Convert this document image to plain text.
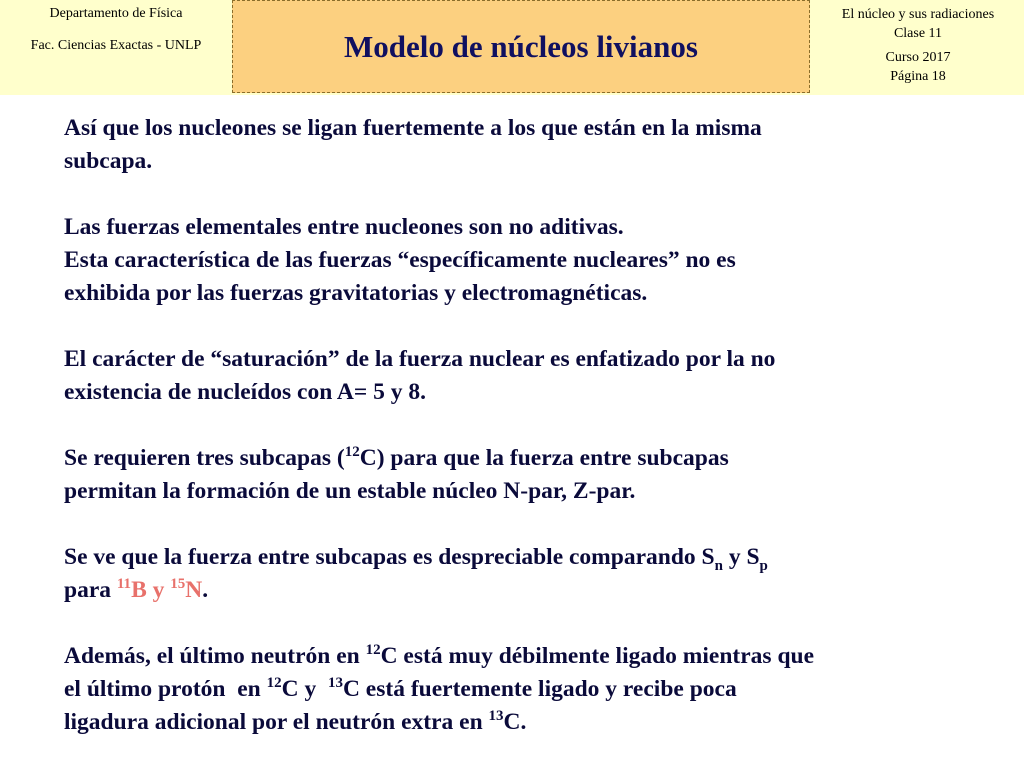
Departamento de Física
Fac. Ciencias Exactas - UNLP	Modelo de núcleos livianos
El núcleo y sus radiaciones
Clase 11
Curso 2017
Página 18
Así que los nucleones se ligan fuertemente a los que están en la misma
subcapa.
Las fuerzas elementales entre nucleones son no aditivas.
Esta característica de las fuerzas “específicamente nucleares” no es
exhibida por las fuerzas gravitatorias y electromagnéticas.
El carácter de “saturación” de la fuerza nuclear es enfatizado por la no
existencia de nucleídos con A= 5 y 8.
Se requieren tres subcapas ($^{12}$C) para que la fuerza entre subcapas
permitan la formación de un estable núcleo N-par, Z-par.
Se ve que la fuerza entre subcapas es despreciable comparando $S_n$ y $S_p$
para $^{11}$B y $^{15}$N.
Además, el último neutrón en $^{12}$C está muy débilmente ligado mientras que
el último protón  en $^{12}$C y  $^{13}$C está fuertemente ligado y recibe poca
ligadura adicional por el neutrón extra en $^{13}$C.
